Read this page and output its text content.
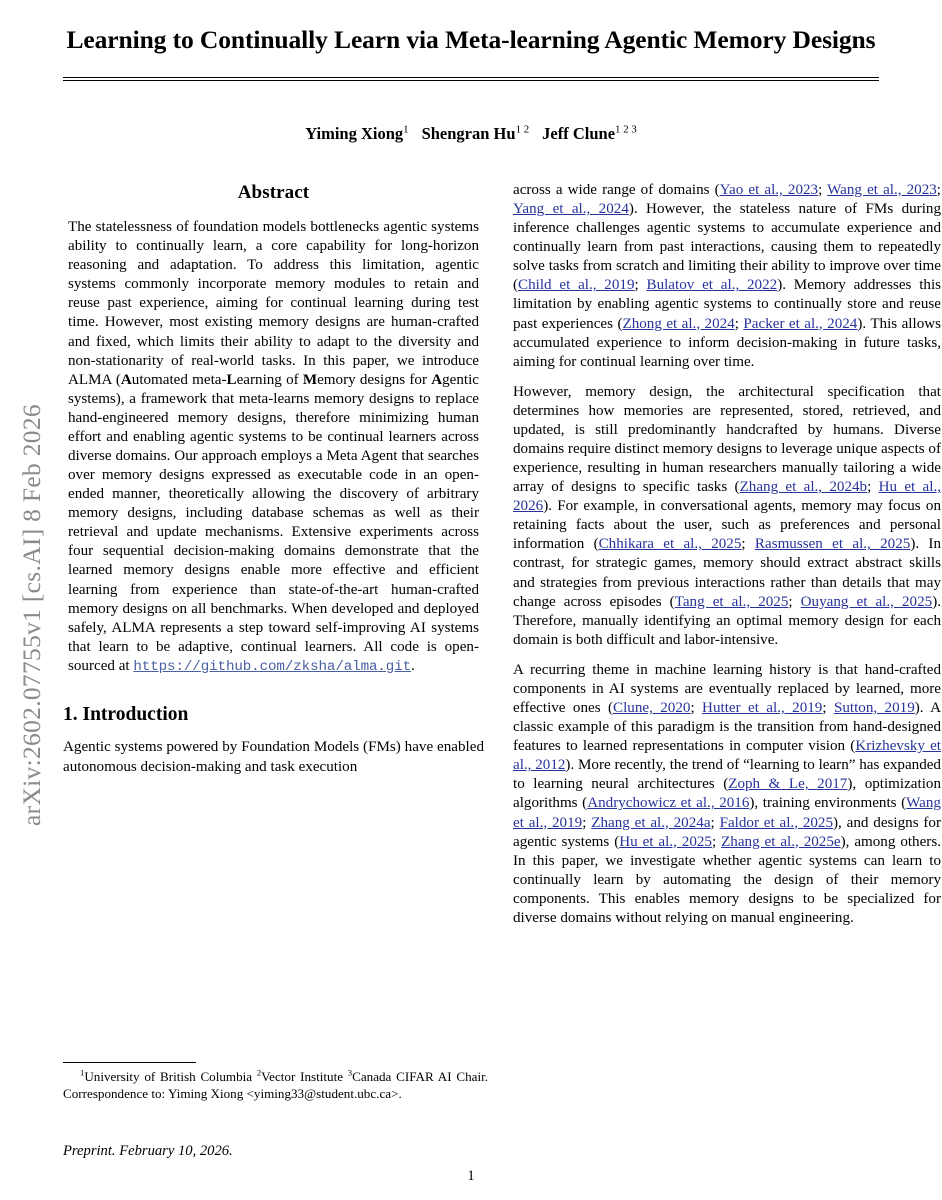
arXiv:2602.07755v1 [cs.AI] 8 Feb 2026
Learning to Continually Learn via Meta-learning Agentic Memory Designs
Yiming Xiong$^1$ Shengran $Hu^{1 2}$ Jeff Clune$^{1 2 3}$
Abstract

The statelessness of foundation models bottlenecks agentic systems ability to continually learn, a core capability for long-horizon reasoning and adaptation. To address this limitation, agentic systems commonly incorporate memory modules to retain and reuse past experience, aiming for continual learning during test time. However, most existing memory designs are human-crafted and fixed, which limits their ability to adapt to the diversity and non-stationarity of real-world tasks. In this paper, we introduce ALMA (Automated meta-Learning of Memory designs for Agentic systems), a framework that meta-learns memory designs to replace hand-engineered memory designs, therefore minimizing human effort and enabling agentic systems to be continual learners across diverse domains. Our approach employs a Meta Agent that searches over memory designs expressed as executable code in an open-ended manner, theoretically allowing the discovery of arbitrary memory designs, including database schemas as well as their retrieval and update mechanisms. Extensive experiments across four sequential decision-making domains demonstrate that the learned memory designs enable more effective and efficient learning from experience than state-of-the-art human-crafted memory designs on all benchmarks. When developed and deployed safely, ALMA represents a step toward self-improving AI systems that learn to be adaptive, continual learners. All code is open-sourced at https://github.com/zksha/alma.git.

1. Introduction

Agentic systems powered by Foundation Models (FMs) have enabled autonomous decision-making and task execution

across a wide range of domains (Yao et al., 2023; Wang et al., 2023; Yang et al., 2024). However, the stateless nature of FMs during inference challenges agentic systems to accumulate experience and continually learn from past interactions, causing them to repeatedly solve tasks from scratch and limiting their ability to improve over time (Child et al., 2019; Bulatov et al., 2022). Memory addresses this limitation by enabling agentic systems to continually store and reuse past experiences (Zhong et al., 2024; Packer et al., 2024). This allows accumulated experience to inform decision-making in future tasks, aiming for continual learning over time.

However, memory design, the architectural specification that determines how memories are represented, stored, retrieved, and updated, is still predominantly handcrafted by humans. Diverse domains require distinct memory designs to leverage unique aspects of experience, resulting in human researchers manually tailoring a wide array of designs to specific tasks (Zhang et al., 2024b; Hu et al., 2026). For example, in conversational agents, memory may focus on retaining facts about the user, such as preferences and personal information (Chhikara et al., 2025; Rasmussen et al., 2025). In contrast, for strategic games, memory should extract abstract skills and strategies from previous interactions rather than details that may change across episodes (Tang et al., 2025; Ouyang et al., 2025). Therefore, manually identifying an optimal memory design for each domain is both difficult and labor-intensive.

A recurring theme in machine learning history is that hand-crafted components in AI systems are eventually replaced by learned, more effective ones (Clune, 2020; Hutter et al., 2019; Sutton, 2019). A classic example of this paradigm is the transition from hand-designed features to learned representations in computer vision (Krizhevsky et al., 2012). More recently, the trend of “learning to learn” has expanded to learning neural architectures (Zoph & Le, 2017), optimization algorithms (Andrychowicz et al., 2016), training environments (Wang et al., 2019; Zhang et al., 2024a; Faldor et al., 2025), and designs for agentic systems (Hu et al., 2025; Zhang et al., 2025e), among others. In this paper, we investigate whether agentic systems can learn to continually learn by automating the design of their memory components. This enables memory designs to be specialized for diverse domains without relying on manual engineering.

$^1$University of British Columbia $^2$Vector Institute $^3$Canada CIFAR AI Chair. Correspondence to: Yiming Xiong <yiming33@student.ubc.ca>.
Preprint. February 10, 2026.
1
